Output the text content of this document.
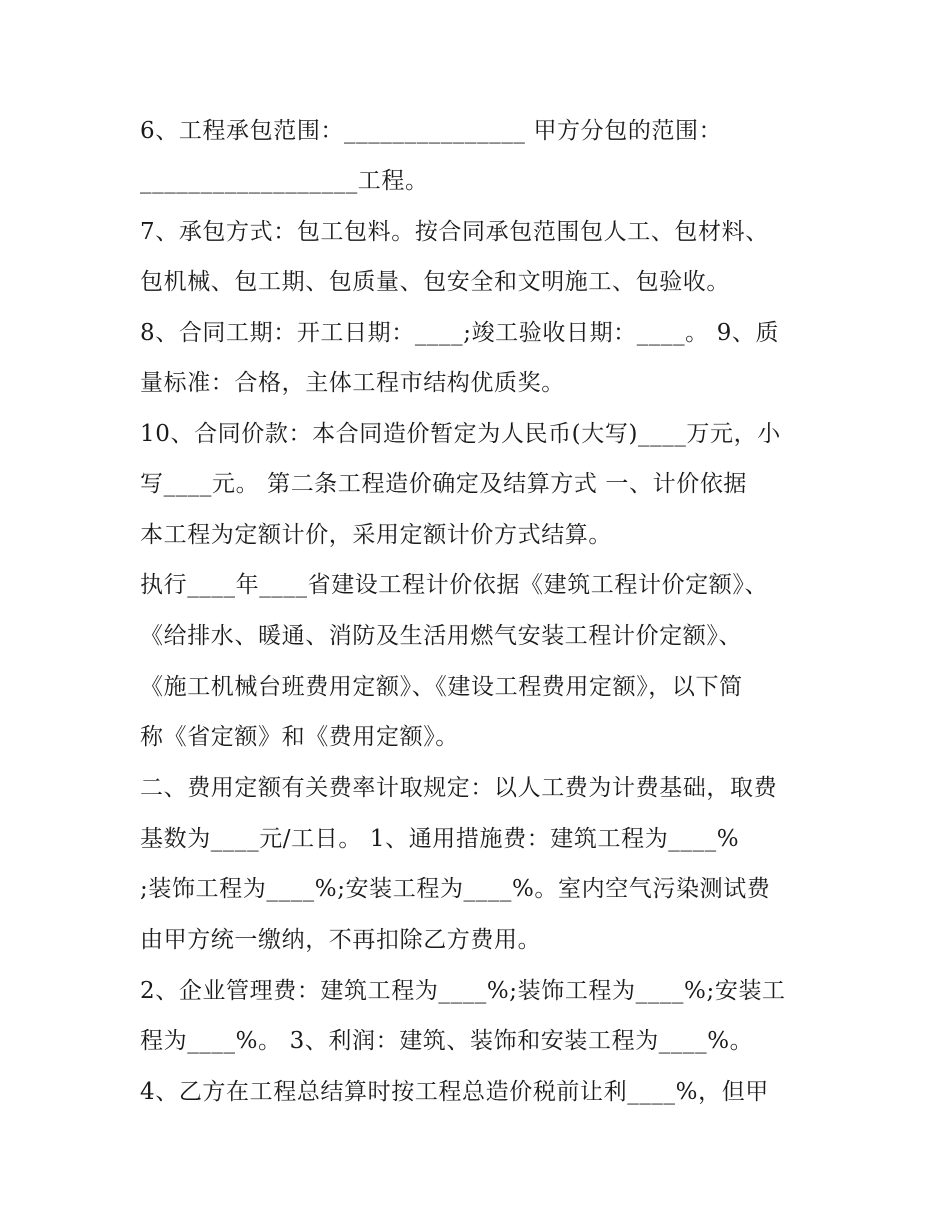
6、工程承包范围：_______________ 甲方分包的范围：
__________________工程。
7、承包方式：包工包料。按合同承包范围包人工、包材料、
包机械、包工期、包质量、包安全和文明施工、包验收。
8、合同工期：开工日期：____;竣工验收日期：____。 9、质
量标准：合格，主体工程市结构优质奖。
10、合同价款：本合同造价暂定为人民币(大写)____万元，小
写____元。 第二条工程造价确定及结算方式 一、计价依据
本工程为定额计价，采用定额计价方式结算。
执行____年____省建设工程计价依据《建筑工程计价定额》、
《给排水、暖通、消防及生活用燃气安装工程计价定额》、
《施工机械台班费用定额》、《建设工程费用定额》，以下简
称《省定额》和《费用定额》。
二、费用定额有关费率计取规定：以人工费为计费基础，取费
基数为____元/工日。 1、通用措施费：建筑工程为____%
;装饰工程为____%;安装工程为____%。室内空气污染测试费
由甲方统一缴纳，不再扣除乙方费用。
2、企业管理费：建筑工程为____%;装饰工程为____%;安装工
程为____%。 3、利润：建筑、装饰和安装工程为____%。
4、乙方在工程总结算时按工程总造价税前让利____%，但甲
